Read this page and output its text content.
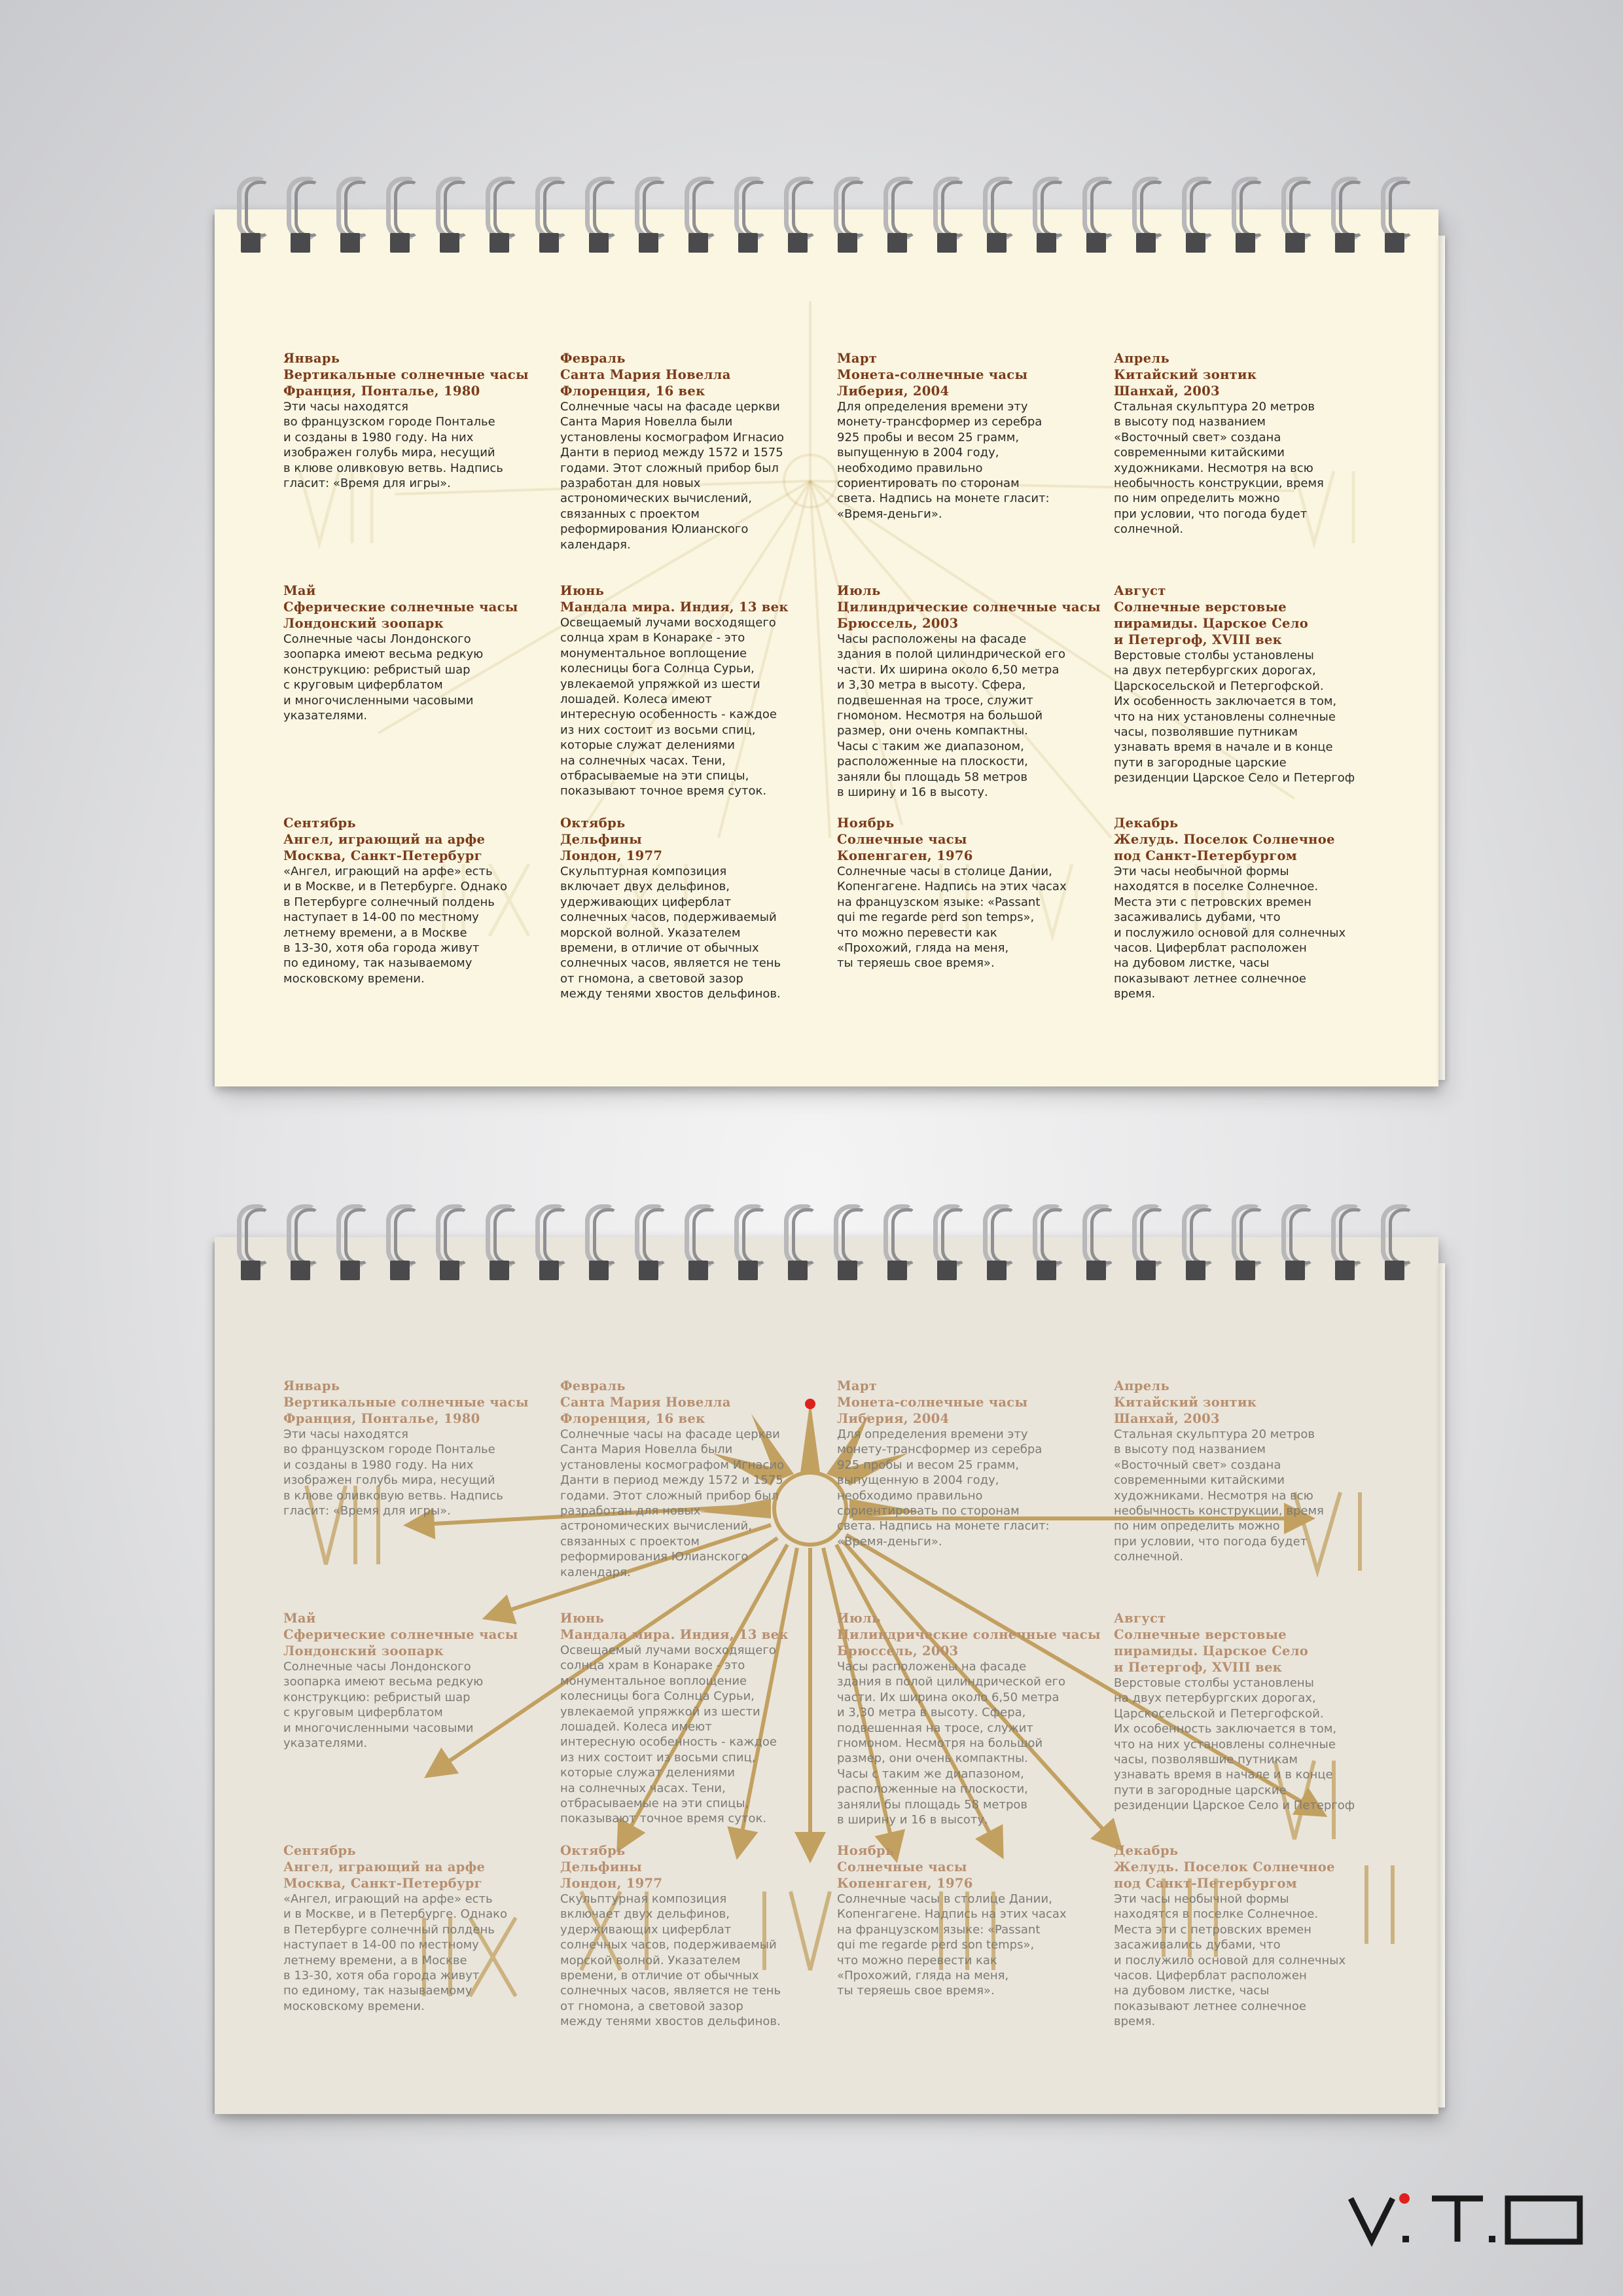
Январь
Вертикальные солнечные часы
Франция, Понталье, 1980
Эти часы находятся
во французском городе Понталье
и созданы в 1980 году. На них
изображен голубь мира, несущий
в клюве оливковую ветвь. Надпись
гласит: «Время для игры».
Февраль
Санта Мария Новелла
Флоренция, 16 век
Солнечные часы на фасаде церкви
Санта Мария Новелла были
установлены космографом Игнасио
Данти в период между 1572 и 1575
годами. Этот сложный прибор был
разработан для новых
астрономических вычислений,
связанных с проектом
реформирования Юлианского
календаря.
Март
Монета-солнечные часы
Либерия, 2004
Для определения времени эту
монету-трансформер из серебра
925 пробы и весом 25 грамм,
выпущенную в 2004 году,
необходимо правильно
сориентировать по сторонам
света. Надпись на монете гласит:
«Время-деньги».
Апрель
Китайский зонтик
Шанхай, 2003
Стальная скульптура 20 метров
в высоту под названием
«Восточный свет» создана
современными китайскими
художниками. Несмотря на всю
необычность конструкции, время
по ним определить можно
при условии, что погода будет
солнечной.
Май
Сферические солнечные часы
Лондонский зоопарк
Солнечные часы Лондонского
зоопарка имеют весьма редкую
конструкцию: ребристый шар
с круговым циферблатом
и многочисленными часовыми
указателями.
Июнь
Мандала мира. Индия, 13 век
Освещаемый лучами восходящего
солнца храм в Конараке - это
монументальное воплощение
колесницы бога Солнца Сурьи,
увлекаемой упряжкой из шести
лошадей. Колеса имеют
интересную особенность - каждое
из них состоит из восьми спиц,
которые служат делениями
на солнечных часах. Тени,
отбрасываемые на эти спицы,
показывают точное время суток.
Июль
Цилиндрические солнечные часы
Брюссель, 2003
Часы расположены на фасаде
здания в полой цилиндрической его
части. Их ширина около 6,50 метра
и 3,30 метра в высоту. Сфера,
подвешенная на тросе, служит
гномоном. Несмотря на большой
размер, они очень компактны.
Часы с таким же диапазоном,
расположенные на плоскости,
заняли бы площадь 58 метров
в ширину и 16 в высоту.
Август
Солнечные верстовые
пирамиды. Царское Село
и Петергоф, XVIII век
Верстовые столбы установлены
на двух петербургских дорогах,
Царскосельской и Петергофской.
Их особенность заключается в том,
что на них установлены солнечные
часы, позволявшие путникам
узнавать время в начале и в конце
пути в загородные царские
резиденции Царское Село и Петергоф
Сентябрь
Ангел, играющий на арфе
Москва, Санкт-Петербург
«Ангел, играющий на арфе» есть
и в Москве, и в Петербурге. Однако
в Петербурге солнечный полдень
наступает в 14-00 по местному
летнему времени, а в Москве
в 13-30, хотя оба города живут
по единому, так называемому
московскому времени.
Октябрь
Дельфины
Лондон, 1977
Скульптурная композиция
включает двух дельфинов,
удерживающих циферблат
солнечных часов, подерживаемый
морской волной. Указателем
времени, в отличие от обычных
солнечных часов, является не тень
от гномона, а световой зазор
между тенями хвостов дельфинов.
Ноябрь
Солнечные часы
Копенгаген, 1976
Солнечные часы в столице Дании,
Копенгагене. Надпись на этих часах
на французском языке: «Passant
qui me regarde perd son temps»,
что можно перевести как
«Прохожий, гляда на меня,
ты теряешь свое время».
Декабрь
Желудь. Поселок Солнечное
под Санкт-Петербургом
Эти часы необычной формы
находятся в поселке Солнечное.
Места эти с петровских времен
засаживались дубами, что
и послужило основой для солнечных
часов. Циферблат расположен
на дубовом листке, часы
показывают летнее солнечное
время.
Январь
Вертикальные солнечные часы
Франция, Понталье, 1980
Эти часы находятся
во французском городе Понталье
и созданы в 1980 году. На них
изображен голубь мира, несущий
в клюве оливковую ветвь. Надпись
гласит: «Время для игры».
Февраль
Санта Мария Новелла
Флоренция, 16 век
Солнечные часы на фасаде церкви
Санта Мария Новелла были
установлены космографом Игнасио
Данти в период между 1572 и 1575
годами. Этот сложный прибор был
разработан для новых
астрономических вычислений,
связанных с проектом
реформирования Юлианского
календаря.
Март
Монета-солнечные часы
Либерия, 2004
Для определения времени эту
монету-трансформер из серебра
925 пробы и весом 25 грамм,
выпущенную в 2004 году,
необходимо правильно
сориентировать по сторонам
света. Надпись на монете гласит:
«Время-деньги».
Апрель
Китайский зонтик
Шанхай, 2003
Стальная скульптура 20 метров
в высоту под названием
«Восточный свет» создана
современными китайскими
художниками. Несмотря на всю
необычность конструкции, время
по ним определить можно
при условии, что погода будет
солнечной.
Май
Сферические солнечные часы
Лондонский зоопарк
Солнечные часы Лондонского
зоопарка имеют весьма редкую
конструкцию: ребристый шар
с круговым циферблатом
и многочисленными часовыми
указателями.
Июнь
Мандала мира. Индия, 13 век
Освещаемый лучами восходящего
солнца храм в Конараке - это
монументальное воплощение
колесницы бога Солнца Сурьи,
увлекаемой упряжкой из шести
лошадей. Колеса имеют
интересную особенность - каждое
из них состоит из восьми спиц,
которые служат делениями
на солнечных часах. Тени,
отбрасываемые на эти спицы,
показывают точное время суток.
Июль
Цилиндрические солнечные часы
Брюссель, 2003
Часы расположены на фасаде
здания в полой цилиндрической его
части. Их ширина около 6,50 метра
и 3,30 метра в высоту. Сфера,
подвешенная на тросе, служит
гномоном. Несмотря на большой
размер, они очень компактны.
Часы с таким же диапазоном,
расположенные на плоскости,
заняли бы площадь 58 метров
в ширину и 16 в высоту.
Август
Солнечные верстовые
пирамиды. Царское Село
и Петергоф, XVIII век
Верстовые столбы установлены
на двух петербургских дорогах,
Царскосельской и Петергофской.
Их особенность заключается в том,
что на них установлены солнечные
часы, позволявшие путникам
узнавать время в начале и в конце
пути в загородные царские
резиденции Царское Село и Петергоф
Сентябрь
Ангел, играющий на арфе
Москва, Санкт-Петербург
«Ангел, играющий на арфе» есть
и в Москве, и в Петербурге. Однако
в Петербурге солнечный полдень
наступает в 14-00 по местному
летнему времени, а в Москве
в 13-30, хотя оба города живут
по единому, так называемому
московскому времени.
Октябрь
Дельфины
Лондон, 1977
Скульптурная композиция
включает двух дельфинов,
удерживающих циферблат
солнечных часов, подерживаемый
морской волной. Указателем
времени, в отличие от обычных
солнечных часов, является не тень
от гномона, а световой зазор
между тенями хвостов дельфинов.
Ноябрь
Солнечные часы
Копенгаген, 1976
Солнечные часы в столице Дании,
Копенгагене. Надпись на этих часах
на французском языке: «Passant
qui me regarde perd son temps»,
что можно перевести как
«Прохожий, гляда на меня,
ты теряешь свое время».
Декабрь
Желудь. Поселок Солнечное
под Санкт-Петербургом
Эти часы необычной формы
находятся в поселке Солнечное.
Места эти с петровских времен
засаживались дубами, что
и послужило основой для солнечных
часов. Циферблат расположен
на дубовом листке, часы
показывают летнее солнечное
время.
